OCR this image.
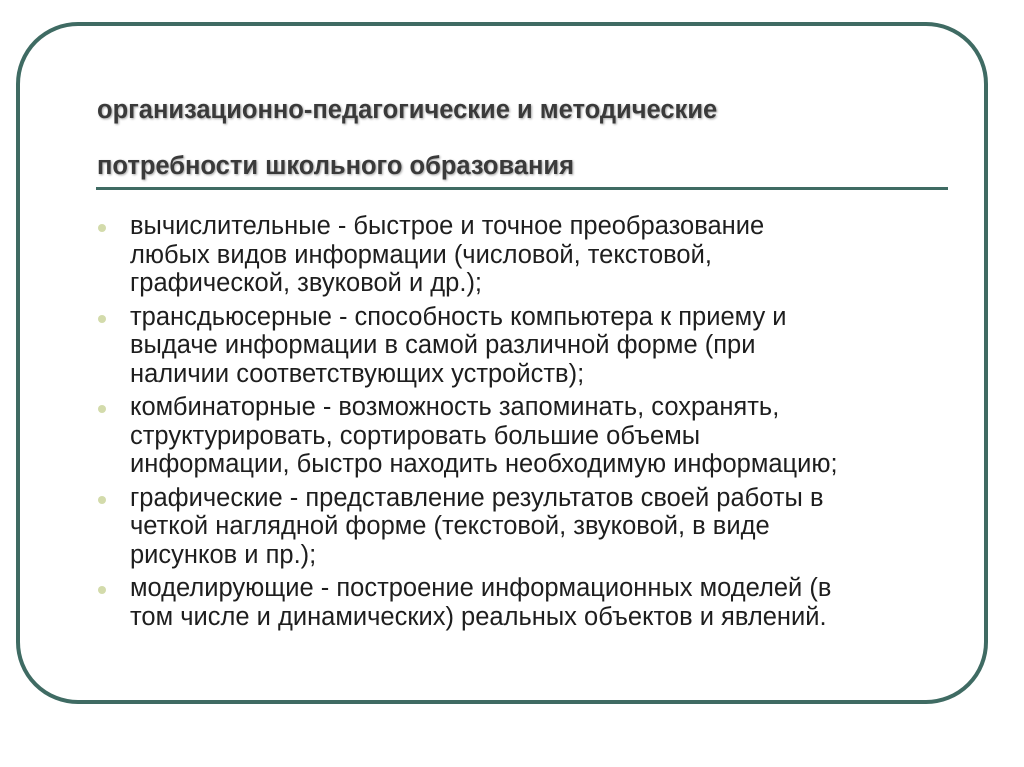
организационно-педагогические и методические
потребности школьного образования
вычислительные - быстрое и точное преобразование
любых видов информации (числовой, текстовой,
графической, звуковой и др.);
трансдьюсерные - способность компьютера к приему и
выдаче информации в самой различной форме (при
наличии соответствующих устройств);
комбинаторные - возможность запоминать, сохранять,
структурировать, сортировать большие объемы
информации, быстро находить необходимую информацию;
графические - представление результатов своей работы в
четкой наглядной форме (текстовой, звуковой, в виде
рисунков и пр.);
моделирующие - построение информационных моделей (в
том числе и динамических) реальных объектов и явлений.
